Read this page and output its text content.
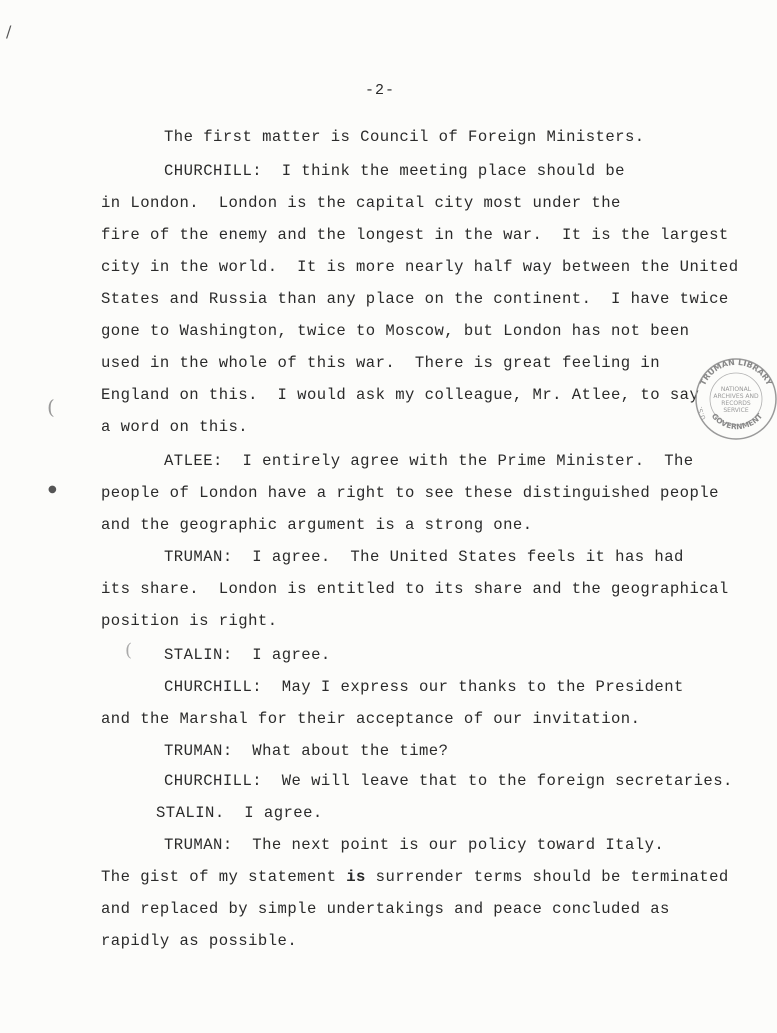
-2-
The first matter is Council of Foreign Ministers.
CHURCHILL:  I think the meeting place should be
in London.  London is the capital city most under the
fire of the enemy and the longest in the war.  It is the largest
city in the world.  It is more nearly half way between the United
States and Russia than any place on the continent.  I have twice
gone to Washington, twice to Moscow, but London has not been
used in the whole of this war.  There is great feeling in
England on this.  I would ask my colleague, Mr. Atlee, to say
a word on this.
ATLEE:  I entirely agree with the Prime Minister.  The
people of London have a right to see these distinguished people
and the geographic argument is a strong one.
TRUMAN:  I agree.  The United States feels it has had
its share.  London is entitled to its share and the geographical
position is right.
STALIN:  I agree.
CHURCHILL:  May I express our thanks to the President
and the Marshal for their acceptance of our invitation.
TRUMAN:  What about the time?
CHURCHILL:  We will leave that to the foreign secretaries.
STALIN.  I agree.
TRUMAN:  The next point is our policy toward Italy.
The gist of my statement is surrender terms should be terminated
and replaced by simple undertakings and peace concluded as
rapidly as possible.
/
(
●
(
TRUMAN LIBRARY
GOVERNMENT
U.S.
NATIONAL
ARCHIVES AND
RECORDS
SERVICE
